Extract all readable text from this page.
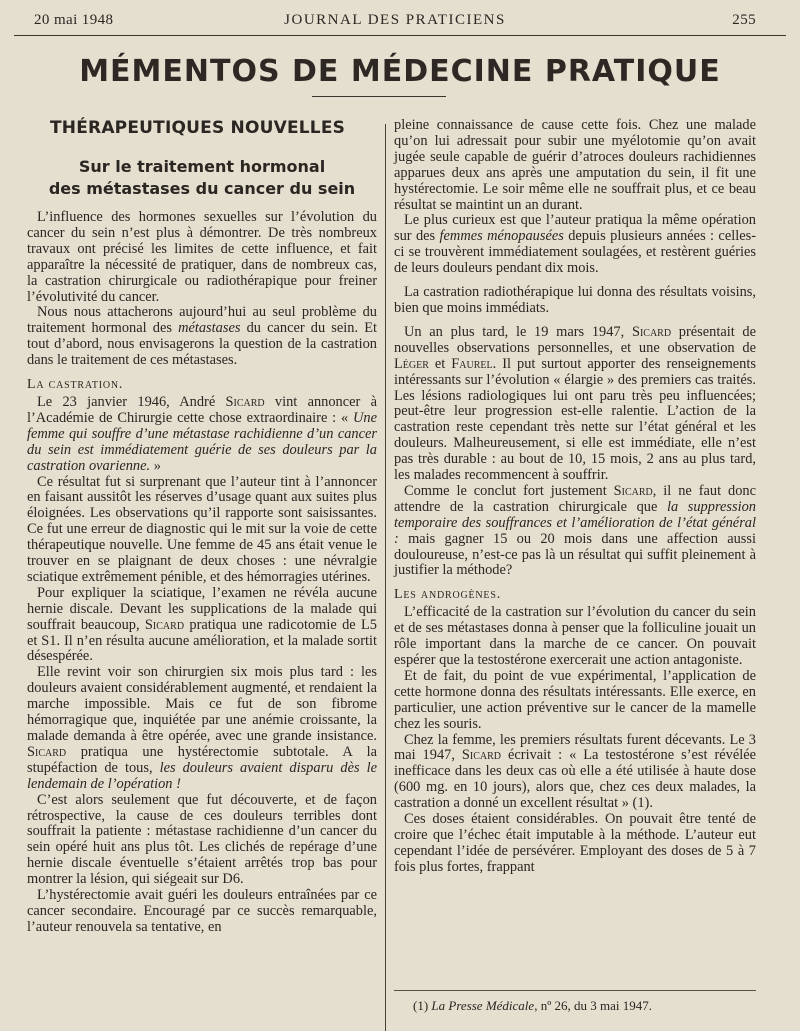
20 mai 1948	JOURNAL DES PRATICIENS	255
MÉMENTOS DE MÉDECINE PRATIQUE
THÉRAPEUTIQUES NOUVELLES
Sur le traitement hormonal
des métastases du cancer du sein

L’influence des hormones sexuelles sur l’évolution du cancer du sein n’est plus à démontrer. De très nombreux travaux ont précisé les limites de cette influence, et fait apparaître la nécessité de pratiquer, dans de nombreux cas, la castration chirurgicale ou radiothérapique pour freiner l’évolutivité du cancer.

Nous nous attacherons aujourd’hui au seul problème du traitement hormonal des métastases du cancer du sein. Et tout d’abord, nous envisagerons la question de la castration dans le traitement de ces métastases.

La castration.

Le 23 janvier 1946, André Sicard vint annoncer à l’Académie de Chirurgie cette chose extraordinaire : « Une femme qui souffre d’une métastase rachidienne d’un cancer du sein est immédiatement guérie de ses douleurs par la castration ovarienne. »

Ce résultat fut si surprenant que l’auteur tint à l’annoncer en faisant aussitôt les réserves d’usage quant aux suites plus éloignées. Les observations qu’il rapporte sont saisissantes. Ce fut une erreur de diagnostic qui le mit sur la voie de cette thérapeutique nouvelle. Une femme de 45 ans était venue le trouver en se plaignant de deux choses : une névralgie sciatique extrêmement pénible, et des hémorragies utérines.

Pour expliquer la sciatique, l’examen ne révéla aucune hernie discale. Devant les supplications de la malade qui souffrait beaucoup, Sicard pratiqua une radicotomie de L5 et S1. Il n’en résulta aucune amélioration, et la malade sortit désespérée.

Elle revint voir son chirurgien six mois plus tard : les douleurs avaient considérablement augmenté, et rendaient la marche impossible. Mais ce fut de son fibrome hémorragique que, inquiétée par une anémie croissante, la malade demanda à être opérée, avec une grande insistance. Sicard pratiqua une hystérectomie subtotale. A la stupéfaction de tous, les douleurs avaient disparu dès le lendemain de l’opération !

C’est alors seulement que fut découverte, et de façon rétrospective, la cause de ces douleurs terribles dont souffrait la patiente : métastase rachidienne d’un cancer du sein opéré huit ans plus tôt. Les clichés de repérage d’une hernie discale éventuelle s’étaient arrêtés trop bas pour montrer la lésion, qui siégeait sur D6.

L’hystérectomie avait guéri les douleurs entraînées par ce cancer secondaire. Encouragé par ce succès remarquable, l’auteur renouvela sa tentative, en

pleine connaissance de cause cette fois. Chez une malade qu’on lui adressait pour subir une myélotomie qu’on avait jugée seule capable de guérir d’atroces douleurs rachidiennes apparues deux ans après une amputation du sein, il fit une hystérectomie. Le soir même elle ne souffrait plus, et ce beau résultat se maintint un an durant.

Le plus curieux est que l’auteur pratiqua la même opération sur des femmes ménopausées depuis plusieurs années : celles-ci se trouvèrent immédiatement soulagées, et restèrent guéries de leurs douleurs pendant dix mois.

La castration radiothérapique lui donna des résultats voisins, bien que moins immédiats.

Un an plus tard, le 19 mars 1947, Sicard présentait de nouvelles observations personnelles, et une observation de Léger et Faurel. Il put surtout apporter des renseignements intéressants sur l’évolution « élargie » des premiers cas traités. Les lésions radiologiques lui ont paru très peu influencées; peut-être leur progression est-elle ralentie. L’action de la castration reste cependant très nette sur l’état général et les douleurs. Malheureusement, si elle est immédiate, elle n’est pas très durable : au bout de 10, 15 mois, 2 ans au plus tard, les malades recommencent à souffrir.

Comme le conclut fort justement Sicard, il ne faut donc attendre de la castration chirurgicale que la suppression temporaire des souffrances et l’amélioration de l’état général : mais gagner 15 ou 20 mois dans une affection aussi douloureuse, n’est-ce pas là un résultat qui suffit pleinement à justifier la méthode?

Les androgènes.

L’efficacité de la castration sur l’évolution du cancer du sein et de ses métastases donna à penser que la folliculine jouait un rôle important dans la marche de ce cancer. On pouvait espérer que la testostérone exercerait une action antagoniste.

Et de fait, du point de vue expérimental, l’application de cette hormone donna des résultats intéressants. Elle exerce, en particulier, une action préventive sur le cancer de la mamelle chez les souris.

Chez la femme, les premiers résultats furent décevants. Le 3 mai 1947, Sicard écrivait : « La testostérone s’est révélée inefficace dans les deux cas où elle a été utilisée à haute dose (600 mg. en 10 jours), alors que, chez ces deux malades, la castration a donné un excellent résultat » (1).

Ces doses étaient considérables. On pouvait être tenté de croire que l’échec était imputable à la méthode. L’auteur eut cependant l’idée de persévérer. Employant des doses de 5 à 7 fois plus fortes, frappant

(1) La Presse Médicale, nº 26, du 3 mai 1947.
